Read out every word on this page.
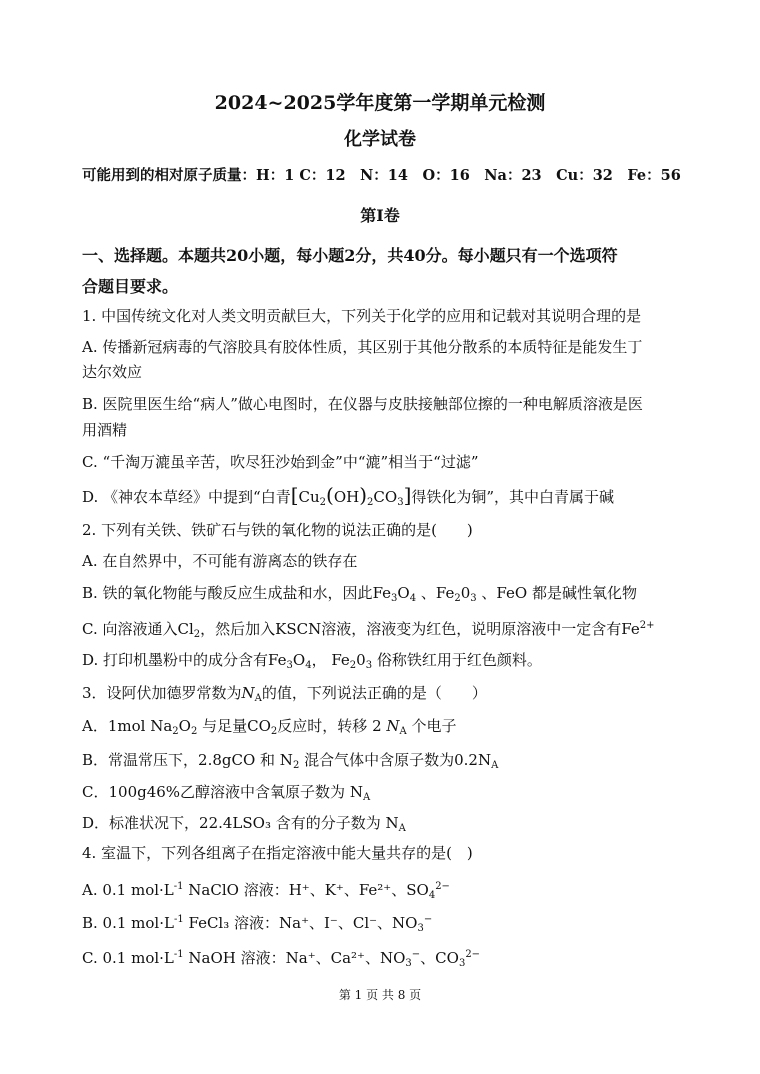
2024~2025学年度第一学期单元检测
化学试卷
可能用到的相对原子质量：H：1 C：12　N：14　O：16　Na：23　Cu：32　Fe：56
第Ⅰ卷
一、选择题。本题共20小题，每小题2分，共40分。每小题只有一个选项符
合题目要求。
1. 中国传统文化对人类文明贡献巨大，下列关于化学的应用和记载对其说明合理的是
A. 传播新冠病毒的气溶胶具有胶体性质，其区别于其他分散系的本质特征是能发生丁
达尔效应
B. 医院里医生给“病人”做心电图时，在仪器与皮肤接触部位擦的一种电解质溶液是医
用酒精
C. “千淘万漉虽辛苦，吹尽狂沙始到金”中“漉”相当于“过滤”
D. 《神农本草经》中提到“白青$[Cu_2(OH)_2CO_3]$得铁化为铜”，其中白青属于碱
2. 下列有关铁、铁矿石与铁的氧化物的说法正确的是(　　)
A. 在自然界中，不可能有游离态的铁存在
B. 铁的氧化物能与酸反应生成盐和水，因此$Fe_3O_4$ 、$Fe_20_3$ 、FeO 都是碱性氧化物
C. 向溶液通入$Cl_2$，然后加入KSCN溶液，溶液变为红色，说明原溶液中一定含有$Fe^{2+}$
D. 打印机墨粉中的成分含有$Fe_3O_4$， $Fe_20_3$ 俗称铁红用于红色颜料。
3．设阿伏加德罗常数为$N_A$的值，下列说法正确的是（　　）
A．1mol $Na_2O_2$ 与足量$CO_2$反应时，转移 2 $N_A$ 个电子
B．常温常压下，2.8gCO 和 $N_2$ 混合气体中含原子数为$0.2N_A$
C．100g46%乙醇溶液中含氧原子数为 $N_A$
D．标准状况下，22.4LSO₃ 含有的分子数为 $N_A$
4. 室温下，下列各组离子在指定溶液中能大量共存的是(　)
A. 0.1 $mol\cdot L^{-1}$ NaClO 溶液：H⁺、K⁺、Fe²⁺、$SO_4^{2-}$
B. 0.1 $mol\cdot L^{-1}$ FeCl₃ 溶液：Na⁺、I⁻、Cl⁻、$NO_3^-$
C. 0.1 $mol\cdot L^{-1}$ NaOH 溶液：Na⁺、Ca²⁺、$NO_3^-$、$CO_3^{2-}$
第 1 页 共 8 页
